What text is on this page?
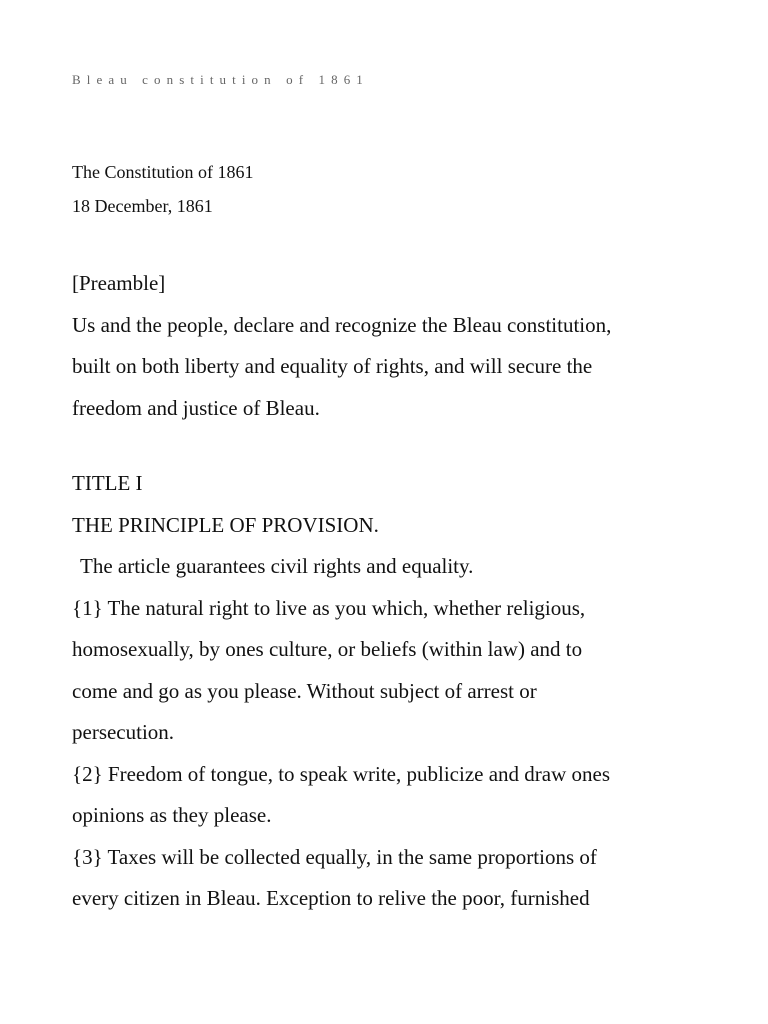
Bleau constitution of 1861
The Constitution of 1861
18 December, 1861
[Preamble]
Us and the people, declare and recognize the Bleau constitution,
built on both liberty and equality of rights, and will secure the
freedom and justice of Bleau.
TITLE I
THE PRINCIPLE OF PROVISION.
The article guarantees civil rights and equality.
{1} The natural right to live as you which, whether religious,
homosexually, by ones culture, or beliefs (within law) and to
come and go as you please. Without subject of arrest or
persecution.
{2} Freedom of tongue, to speak write, publicize and draw ones
opinions as they please.
{3} Taxes will be collected equally, in the same proportions of
every citizen in Bleau. Exception to relive the poor, furnished
